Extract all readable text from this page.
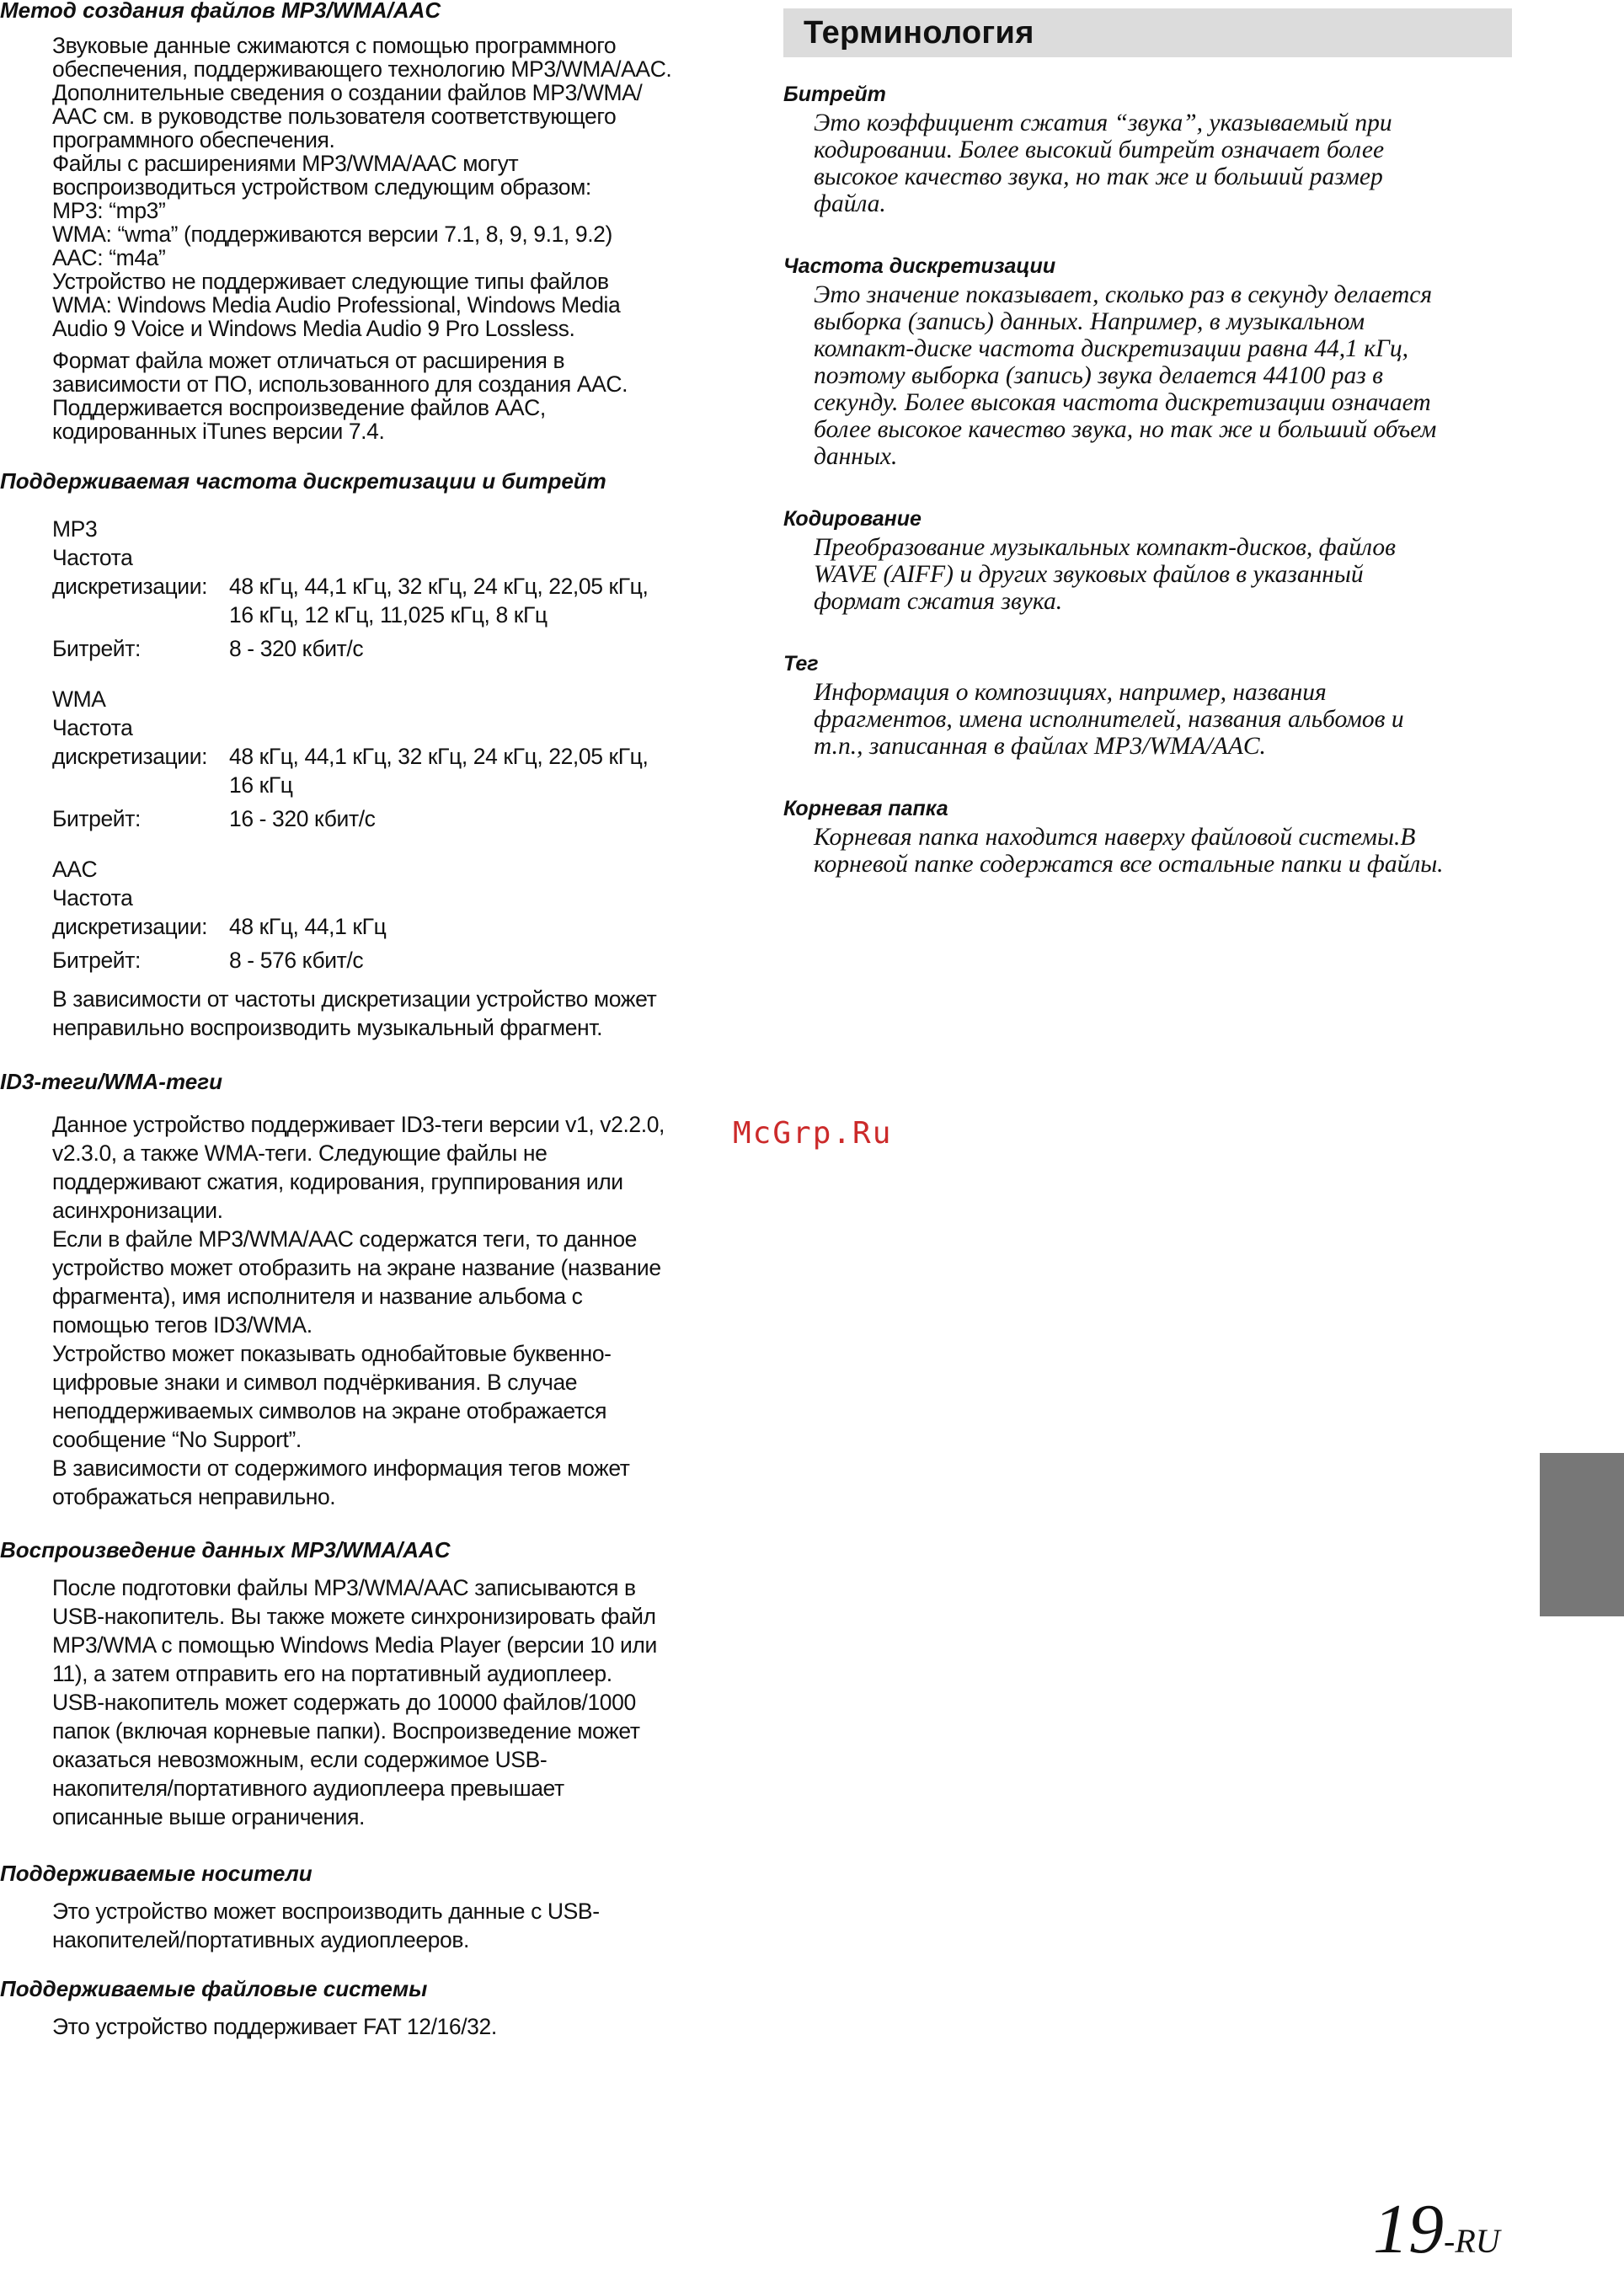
Метод создания файлов MP3/WMA/AAC

Звуковые данные сжимаются с помощью программного
обеспечения, поддерживающего технологию MP3/WMA/AAC.
Дополнительные сведения о создании файлов MP3/WMA/
AAC см. в руководстве пользователя соответствующего
программного обеспечения.
Файлы с расширениями MP3/WMA/AAC могут
воспроизводиться устройством следующим образом:
MP3: “mp3”
WMA: “wma” (поддерживаются версии 7.1, 8, 9, 9.1, 9.2)
AAC: “m4a”
Устройство не поддерживает следующие типы файлов
WMA: Windows Media Audio Professional, Windows Media
Audio 9 Voice и Windows Media Audio 9 Pro Lossless.

Формат файла может отличаться от расширения в
зависимости от ПО, использованного для создания AAC.
Поддерживается воспроизведение файлов AAC,
кодированных iTunes версии 7.4.

Поддерживаемая частота дискретизации и битрейт
MP3
Частота
дискретизации: 48 кГц, 44,1 кГц, 32 кГц, 24 кГц, 22,05 кГц,
16 кГц, 12 кГц, 11,025 кГц, 8 кГц
Битрейт:	8 - 320 кбит/с
WMA
Частота
дискретизации: 48 кГц, 44,1 кГц, 32 кГц, 24 кГц, 22,05 кГц,
16 кГц
Битрейт:	16 - 320 кбит/с
AAC
Частота
дискретизации: 48 кГц, 44,1 кГц
Битрейт:	8 - 576 кбит/с

В зависимости от частоты дискретизации устройство может
неправильно воспроизводить музыкальный фрагмент.

ID3-теги/WMA-теги

Данное устройство поддерживает ID3-теги версии v1, v2.2.0,
v2.3.0, а также WMA-теги. Следующие файлы не
поддерживают сжатия, кодирования, группирования или
асинхронизации.
Если в файле MP3/WMA/AAC содержатся теги, то данное
устройство может отобразить на экране название (название
фрагмента), имя исполнителя и название альбома с
помощью тегов ID3/WMA.
Устройство может показывать однобайтовые буквенно-
цифровые знаки и символ подчёркивания. В случае
неподдерживаемых символов на экране отображается
сообщение “No Support”.
В зависимости от содержимого информация тегов может
отображаться неправильно.

Воспроизведение данных MP3/WMA/AAC

После подготовки файлы MP3/WMA/AAC записываются в
USB-накопитель. Вы также можете синхронизировать файл
MP3/WMA с помощью Windows Media Player (версии 10 или
11), а затем отправить его на портативный аудиоплеер.
USB-накопитель может содержать до 10000 файлов/1000
папок (включая корневые папки). Воспроизведение может
оказаться невозможным, если содержимое USB-
накопителя/портативного аудиоплеера превышает
описанные выше ограничения.

Поддерживаемые носители

Это устройство может воспроизводить данные с USB-
накопителей/портативных аудиоплееров.

Поддерживаемые файловые системы

Это устройство поддерживает FAT 12/16/32.

Терминология
Битрейт

Это коэффициент сжатия “звука”, указываемый при
кодировании. Более высокий битрейт означает более
высокое качество звука, но так же и больший размер
файла.

Частота дискретизации

Это значение показывает, сколько раз в секунду делается
выборка (запись) данных. Например, в музыкальном
компакт-диске частота дискретизации равна 44,1 кГц,
поэтому выборка (запись) звука делается 44100 раз в
секунду. Более высокая частота дискретизации означает
более высокое качество звука, но так же и больший объем
данных.

Кодирование

Преобразование музыкальных компакт-дисков, файлов
WAVE (AIFF) и других звуковых файлов в указанный
формат сжатия звука.

Тег

Информация о композициях, например, названия
фрагментов, имена исполнителей, названия альбомов и
т.п., записанная в файлах MP3/WMA/AAC.

Корневая папка

Корневая папка находится наверху файловой системы.В
корневой папке содержатся все остальные папки и файлы.

McGrp.Ru
19-RU
